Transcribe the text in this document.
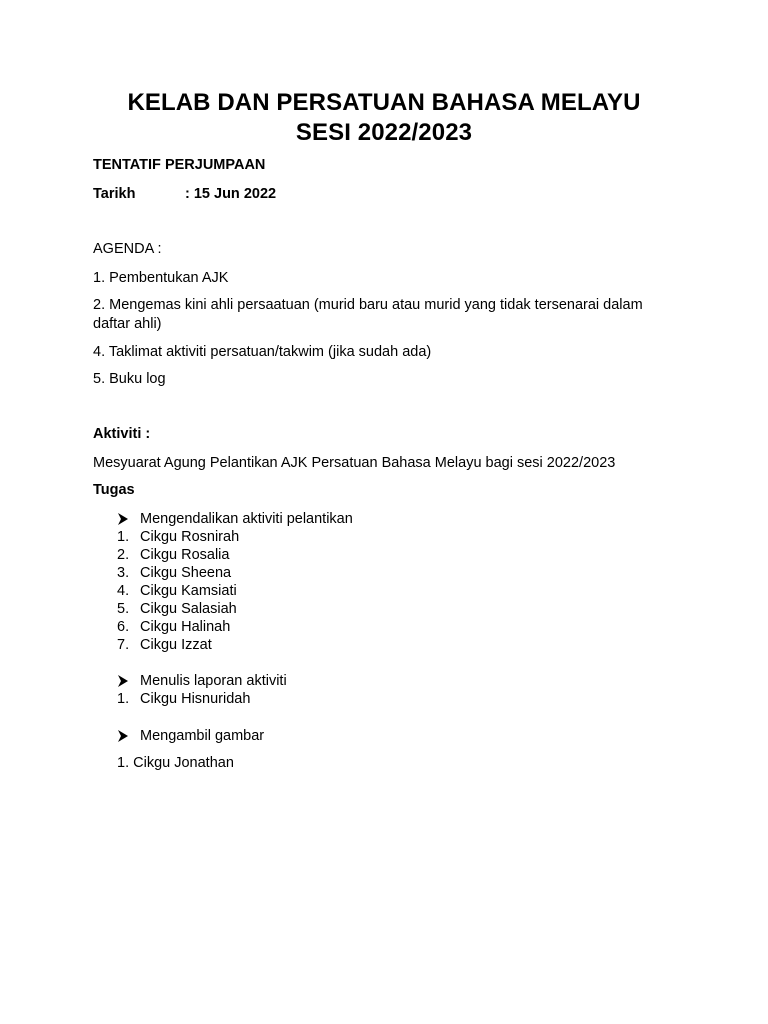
KELAB DAN PERSATUAN BAHASA MELAYU
SESI 2022/2023
TENTATIF PERJUMPAAN
Tarikh	: 15 Jun 2022
AGENDA :
1. Pembentukan AJK
2. Mengemas kini ahli persaatuan (murid baru atau murid yang tidak tersenarai dalam daftar ahli)
4. Taklimat aktiviti persatuan/takwim (jika sudah ada)
5. Buku log
Aktiviti :
Mesyuarat Agung Pelantikan AJK Persatuan Bahasa Melayu bagi sesi 2022/2023
Tugas
Mengendalikan aktiviti pelantikan
1. Cikgu Rosnirah
2. Cikgu Rosalia
3. Cikgu Sheena
4. Cikgu Kamsiati
5. Cikgu Salasiah
6. Cikgu Halinah
7. Cikgu Izzat
Menulis laporan aktiviti
1. Cikgu Hisnuridah
Mengambil gambar
1. Cikgu Jonathan
